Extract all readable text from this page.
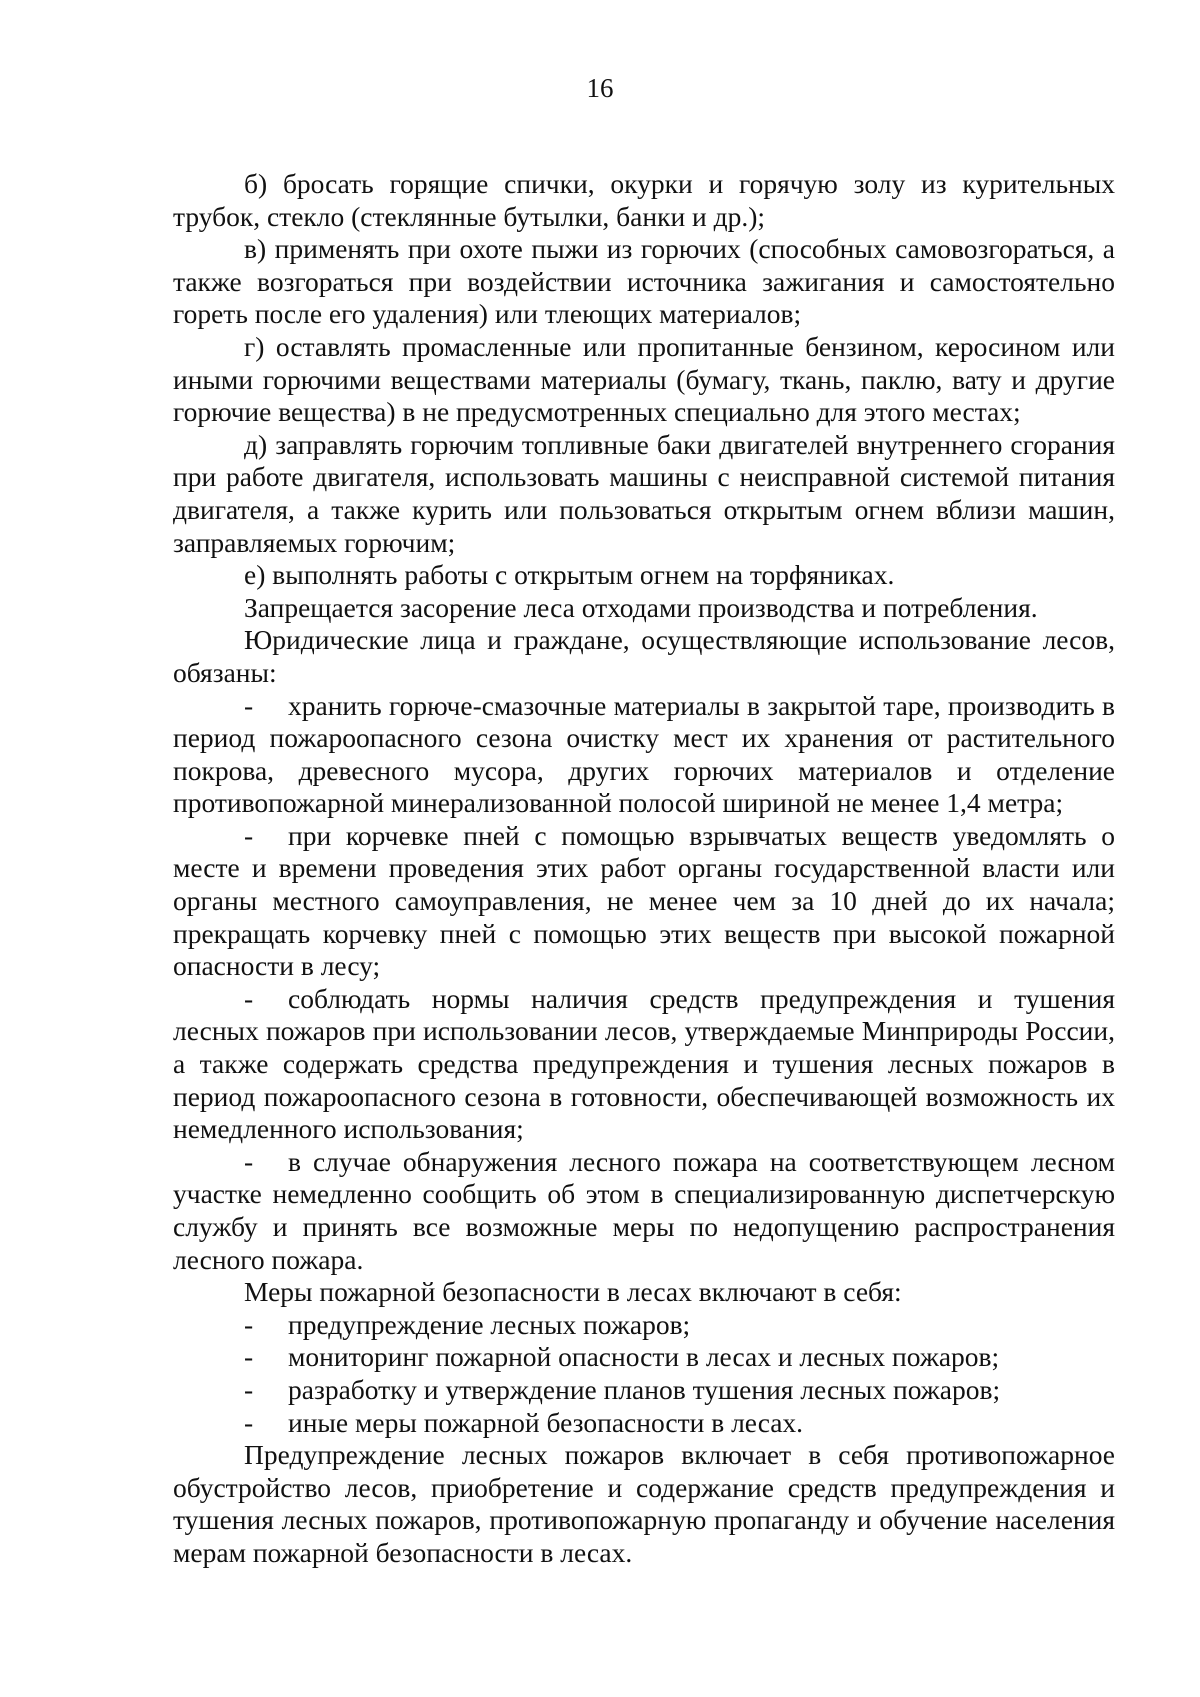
16

б) бросать горящие спички, окурки и горячую золу из курительных трубок, стекло (стеклянные бутылки, банки и др.);

в) применять при охоте пыжи из горючих (способных самовозгораться, а также возгораться при воздействии источника зажигания и самостоятельно гореть после его удаления) или тлеющих материалов;

г) оставлять промасленные или пропитанные бензином, керосином или иными горючими веществами материалы (бумагу, ткань, паклю, вату и другие горючие вещества) в не предусмотренных специально для этого местах;

д) заправлять горючим топливные баки двигателей внутреннего сгорания при работе двигателя, использовать машины с неисправной системой питания двигателя, а также курить или пользоваться открытым огнем вблизи машин, заправляемых горючим;

е) выполнять работы с открытым огнем на торфяниках.

Запрещается засорение леса отходами производства и потребления.

Юридические лица и граждане, осуществляющие использование лесов, обязаны:

- хранить горюче-смазочные материалы в закрытой таре, производить в период пожароопасного сезона очистку мест их хранения от растительного покрова, древесного мусора, других горючих материалов и отделение противопожарной минерализованной полосой шириной не менее 1,4 метра;

- при корчевке пней с помощью взрывчатых веществ уведомлять о месте и времени проведения этих работ органы государственной власти или органы местного самоуправления, не менее чем за 10 дней до их начала; прекращать корчевку пней с помощью этих веществ при высокой пожарной опасности в лесу;

- соблюдать нормы наличия средств предупреждения и тушения лесных пожаров при использовании лесов, утверждаемые Минприроды России, а также содержать средства предупреждения и тушения лесных пожаров в период пожароопасного сезона в готовности, обеспечивающей возможность их немедленного использования;

- в случае обнаружения лесного пожара на соответствующем лесном участке немедленно сообщить об этом в специализированную диспетчерскую службу и принять все возможные меры по недопущению распространения лесного пожара.

Меры пожарной безопасности в лесах включают в себя:

- предупреждение лесных пожаров;

- мониторинг пожарной опасности в лесах и лесных пожаров;

- разработку и утверждение планов тушения лесных пожаров;

- иные меры пожарной безопасности в лесах.

Предупреждение лесных пожаров включает в себя противопожарное обустройство лесов, приобретение и содержание средств предупреждения и тушения лесных пожаров, противопожарную пропаганду и обучение населения мерам пожарной безопасности в лесах.
